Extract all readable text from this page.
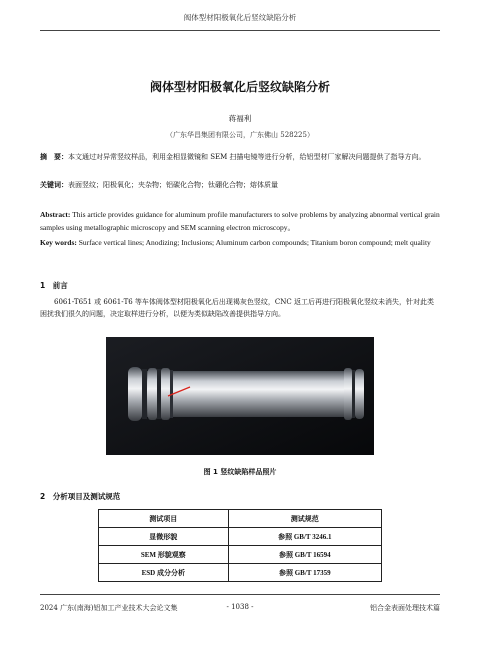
阀体型材阳极氧化后竖纹缺陷分析
阀体型材阳极氧化后竖纹缺陷分析
蒋福利
（广东华昌集团有限公司，广东佛山 528225）
摘　要：本文通过对异常竖纹样品，利用金相显微镜和 SEM 扫描电镜等进行分析，给铝型材厂家解决问题提供了指导方向。
关键词：表面竖纹；阳极氧化；夹杂物；铝碳化合物；钛硼化合物；熔体质量
Abstract: This article provides guidance for aluminum profile manufacturers to solve problems by analyzing abnormal vertical grain samples using metallographic microscopy and SEM scanning electron microscopy。
Key words: Surface vertical lines; Anodizing; Inclusions; Aluminum carbon compounds; Titanium boron compound; melt quality
1　前言
6061-T651 或 6061-T6 等车体阀体型材阳极氧化后出现褐灰色竖纹，CNC 返工后再进行阳极氧化竖纹未消失，针对此类困扰我们很久的问题，决定取样进行分析，以便为类似缺陷改善提供指导方向。
图 1 竖纹缺陷样品照片
2　分析项目及测试规范
测试项目	测试规范
显微形貌	参照 GB/T 3246.1
SEM 形貌观察	参照 GB/T 16594
ESD 成分分析	参照 GB/T 17359
2024 广东(南海)铝加工产业技术大会论文集	- 1038 -	铝合金表面处理技术篇
